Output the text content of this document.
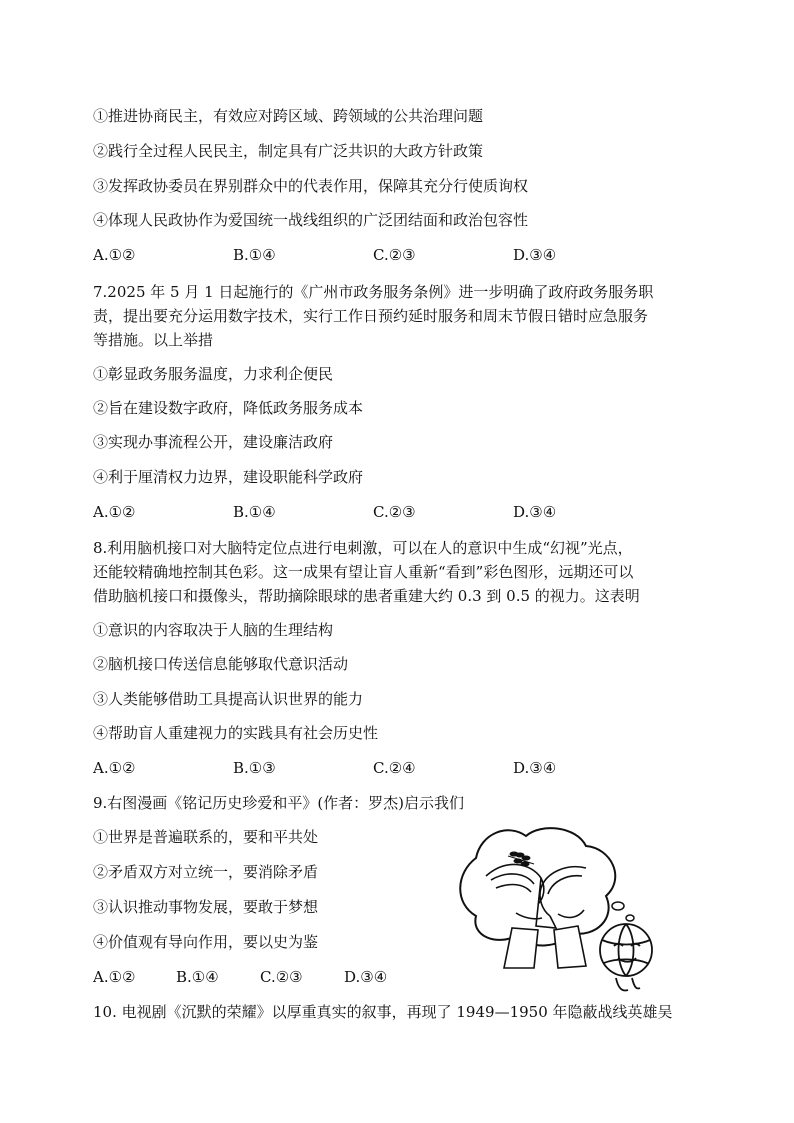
①推进协商民主，有效应对跨区域、跨领域的公共治理问题
②践行全过程人民民主，制定具有广泛共识的大政方针政策
③发挥政协委员在界别群众中的代表作用，保障其充分行使质询权
④体现人民政协作为爱国统一战线组织的广泛团结面和政治包容性
A.①②	B.①④	C.②③	D.③④
7.2025 年 5 月 1 日起施行的《广州市政务服务条例》进一步明确了政府政务服务职
责，提出要充分运用数字技术，实行工作日预约延时服务和周末节假日错时应急服务
等措施。以上举措
①彰显政务服务温度，力求利企便民
②旨在建设数字政府，降低政务服务成本
③实现办事流程公开，建设廉洁政府
④利于厘清权力边界，建设职能科学政府
A.①②	B.①④	C.②③	D.③④
8.利用脑机接口对大脑特定位点进行电刺激，可以在人的意识中生成“幻视”光点，
还能较精确地控制其色彩。这一成果有望让盲人重新“看到”彩色图形，远期还可以
借助脑机接口和摄像头，帮助摘除眼球的患者重建大约 0.3 到 0.5 的视力。这表明
①意识的内容取决于人脑的生理结构
②脑机接口传送信息能够取代意识活动
③人类能够借助工具提高认识世界的能力
④帮助盲人重建视力的实践具有社会历史性
A.①②	B.①③	C.②④	D.③④
9.右图漫画《铭记历史珍爱和平》(作者：罗杰)启示我们
①世界是普遍联系的，要和平共处
②矛盾双方对立统一，要消除矛盾
③认识推动事物发展，要敢于梦想
④价值观有导向作用，要以史为鉴
A.①②	B.①④	C.②③	D.③④
10. 电视剧《沉默的荣耀》以厚重真实的叙事，再现了 1949—1950 年隐蔽战线英雄吴
